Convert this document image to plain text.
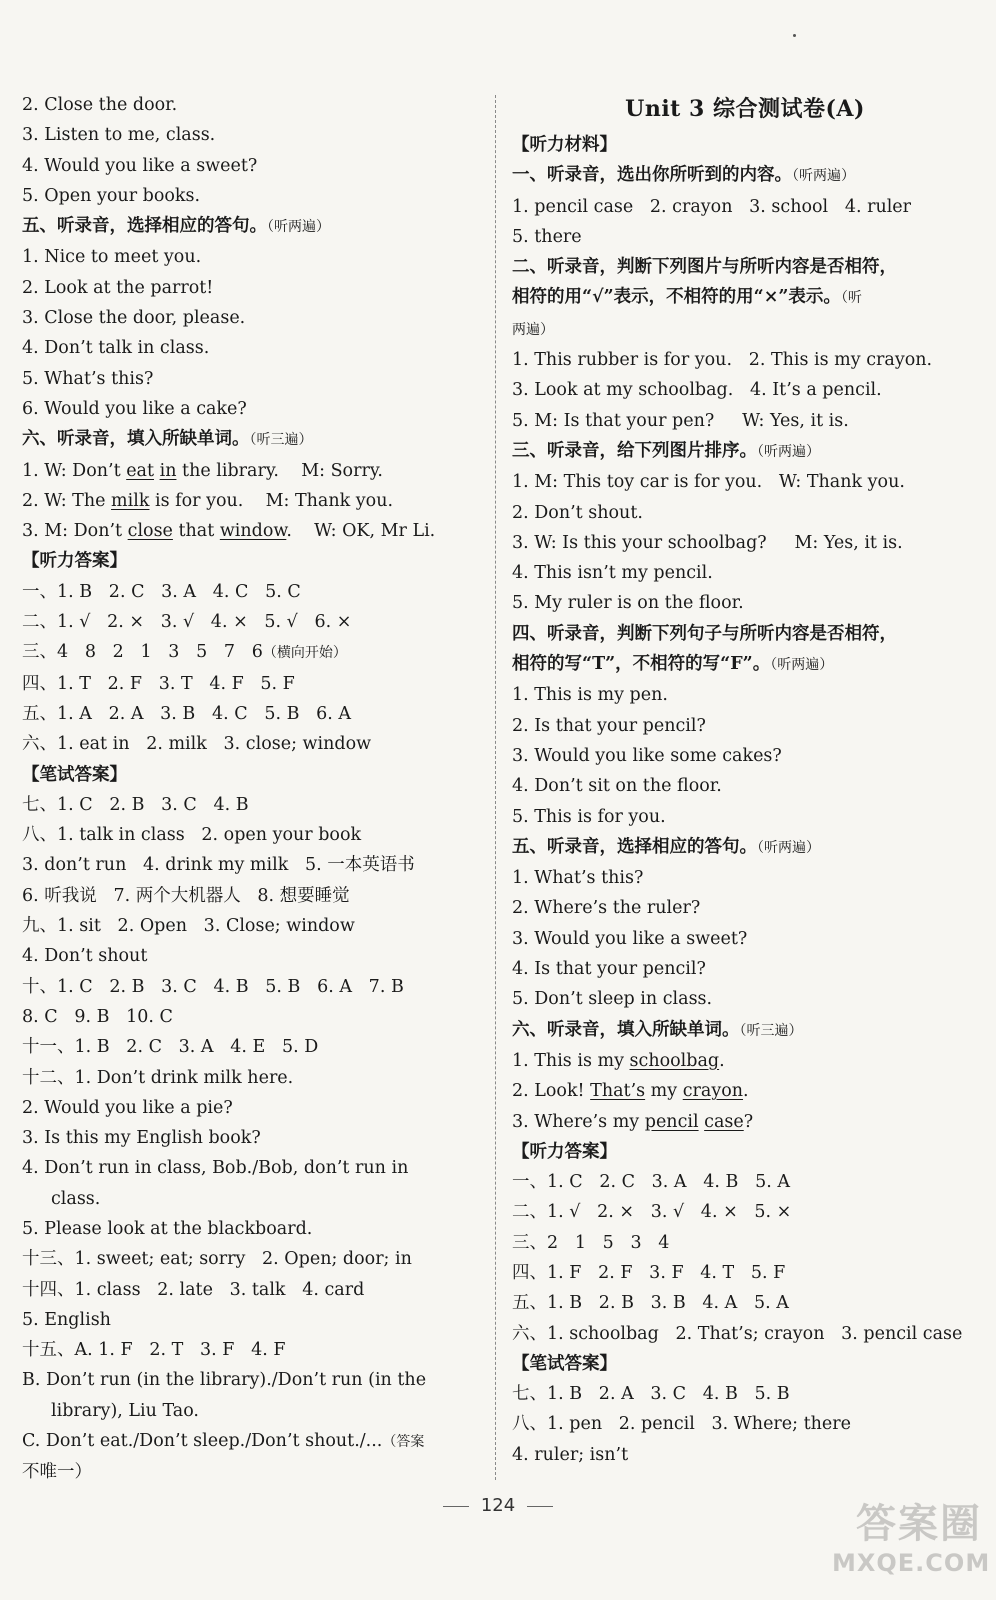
2. Close the door.
3. Listen to me, class.
4. Would you like a sweet?
5. Open your books.
五、听录音，选择相应的答句。（听两遍）
1. Nice to meet you.
2. Look at the parrot!
3. Close the door, please.
4. Don’t talk in class.
5. What’s this?
6. Would you like a cake?
六、听录音，填入所缺单词。（听三遍）
1. W: Don’t eat in the library.    M: Sorry.
2. W: The milk is for you.    M: Thank you.
3. M: Don’t close that window.    W: OK, Mr Li.
【听力答案】
一、1. B   2. C   3. A   4. C   5. C
二、1. √   2. ×   3. √   4. ×   5. √   6. ×
三、4   8   2   1   3   5   7   6（横向开始）
四、1. T   2. F   3. T   4. F   5. F
五、1. A   2. A   3. B   4. C   5. B   6. A
六、1. eat in   2. milk   3. close; window
【笔试答案】
七、1. C   2. B   3. C   4. B
八、1. talk in class   2. open your book
3. don’t run   4. drink my milk   5. 一本英语书
6. 听我说   7. 两个大机器人   8. 想要睡觉
九、1. sit   2. Open   3. Close; window
4. Don’t shout
十、1. C   2. B   3. C   4. B   5. B   6. A   7. B
8. C   9. B   10. C
十一、1. B   2. C   3. A   4. E   5. D
十二、1. Don’t drink milk here.
2. Would you like a pie?
3. Is this my English book?
4. Don’t run in class, Bob./Bob, don’t run in
class.
5. Please look at the blackboard.
十三、1. sweet; eat; sorry   2. Open; door; in
十四、1. class   2. late   3. talk   4. card
5. English
十五、A. 1. F   2. T   3. F   4. F
B. Don’t run (in the library)./Don’t run (in the
library), Liu Tao.
C. Don’t eat./Don’t sleep./Don’t shout./...（答案
不唯一）
Unit 3 综合测试卷(A)
【听力材料】
一、听录音，选出你所听到的内容。（听两遍）
1. pencil case   2. crayon   3. school   4. ruler
5. there
二、听录音，判断下列图片与所听内容是否相符，
相符的用“√”表示，不相符的用“×”表示。（听
两遍）
1. This rubber is for you.   2. This is my crayon.
3. Look at my schoolbag.   4. It’s a pencil.
5. M: Is that your pen?     W: Yes, it is.
三、听录音，给下列图片排序。（听两遍）
1. M: This toy car is for you.   W: Thank you.
2. Don’t shout.
3. W: Is this your schoolbag?     M: Yes, it is.
4. This isn’t my pencil.
5. My ruler is on the floor.
四、听录音，判断下列句子与所听内容是否相符，
相符的写“T”，不相符的写“F”。（听两遍）
1. This is my pen.
2. Is that your pencil?
3. Would you like some cakes?
4. Don’t sit on the floor.
5. This is for you.
五、听录音，选择相应的答句。（听两遍）
1. What’s this?
2. Where’s the ruler?
3. Would you like a sweet?
4. Is that your pencil?
5. Don’t sleep in class.
六、听录音，填入所缺单词。（听三遍）
1. This is my schoolbag.
2. Look! That’s my crayon.
3. Where’s my pencil case?
【听力答案】
一、1. C   2. C   3. A   4. B   5. A
二、1. √   2. ×   3. √   4. ×   5. ×
三、2   1   5   3   4
四、1. F   2. F   3. F   4. T   5. F
五、1. B   2. B   3. B   4. A   5. A
六、1. schoolbag   2. That’s; crayon   3. pencil case
【笔试答案】
七、1. B   2. A   3. C   4. B   5. B
八、1. pen   2. pencil   3. Where; there
4. ruler; isn’t
124	答案圈
MXQE.COM
